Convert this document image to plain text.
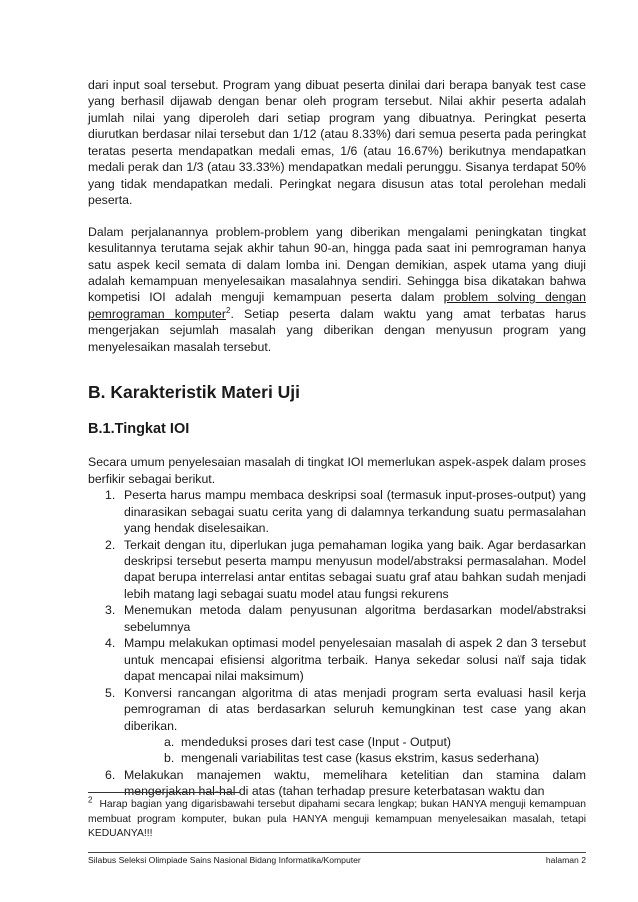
dari input soal tersebut. Program yang dibuat peserta dinilai dari berapa banyak test case yang berhasil dijawab dengan benar oleh program tersebut. Nilai akhir peserta adalah jumlah nilai yang diperoleh dari setiap program yang dibuatnya. Peringkat peserta diurutkan berdasar nilai tersebut dan 1/12 (atau 8.33%) dari semua peserta pada peringkat teratas peserta mendapatkan medali emas, 1/6 (atau 16.67%) berikutnya mendapatkan medali perak dan 1/3 (atau 33.33%) mendapatkan medali perunggu. Sisanya terdapat 50% yang tidak mendapatkan medali. Peringkat negara disusun atas total perolehan medali peserta.

Dalam perjalanannya problem-problem yang diberikan mengalami peningkatan tingkat kesulitannya terutama sejak akhir tahun 90-an, hingga pada saat ini pemrograman hanya satu aspek kecil semata di dalam lomba ini. Dengan demikian, aspek utama yang diuji adalah kemampuan menyelesaikan masalahnya sendiri. Sehingga bisa dikatakan bahwa kompetisi IOI adalah menguji kemampuan peserta dalam problem solving dengan pemrograman komputer$^2$. Setiap peserta dalam waktu yang amat terbatas harus mengerjakan sejumlah masalah yang diberikan dengan menyusun program yang menyelesaikan masalah tersebut.

B. Karakteristik Materi Uji
B.1.Tingkat IOI

Secara umum penyelesaian masalah di tingkat IOI memerlukan aspek-aspek dalam proses berfikir sebagai berikut.

1. Peserta harus mampu membaca deskripsi soal (termasuk input-proses-output) yang dinarasikan sebagai suatu cerita yang di dalamnya terkandung suatu permasalahan yang hendak diselesaikan.
2. Terkait dengan itu, diperlukan juga pemahaman logika yang baik. Agar berdasarkan deskripsi tersebut peserta mampu menyusun model/abstraksi permasalahan. Model dapat berupa interrelasi antar entitas sebagai suatu graf atau bahkan sudah menjadi lebih matang lagi sebagai suatu model atau fungsi rekurens
3. Menemukan metoda dalam penyusunan algoritma berdasarkan model/abstraksi sebelumnya
4. Mampu melakukan optimasi model penyelesaian masalah di aspek 2 dan 3 tersebut untuk mencapai efisiensi algoritma terbaik. Hanya sekedar solusi naïf saja tidak dapat mencapai nilai maksimum)
5. Konversi rancangan algoritma di atas menjadi program serta evaluasi hasil kerja pemrograman di atas berdasarkan seluruh kemungkinan test case yang akan diberikan.
a. mendeduksi proses dari test case (Input - Output)
b. mengenali variabilitas test case (kasus ekstrim, kasus sederhana)
6. Melakukan manajemen waktu, memelihara ketelitian dan stamina dalam mengerjakan hal-hal di atas (tahan terhadap presure keterbatasan waktu dan
$^2$ Harap bagian yang digarisbawahi tersebut dipahami secara lengkap; bukan HANYA menguji kemampuan membuat program komputer, bukan pula HANYA menguji kemampuan menyelesaikan masalah, tetapi KEDUANYA!!!
Silabus Seleksi Olimpiade Sains Nasional Bidang Informatika/Komputer	halaman 2
